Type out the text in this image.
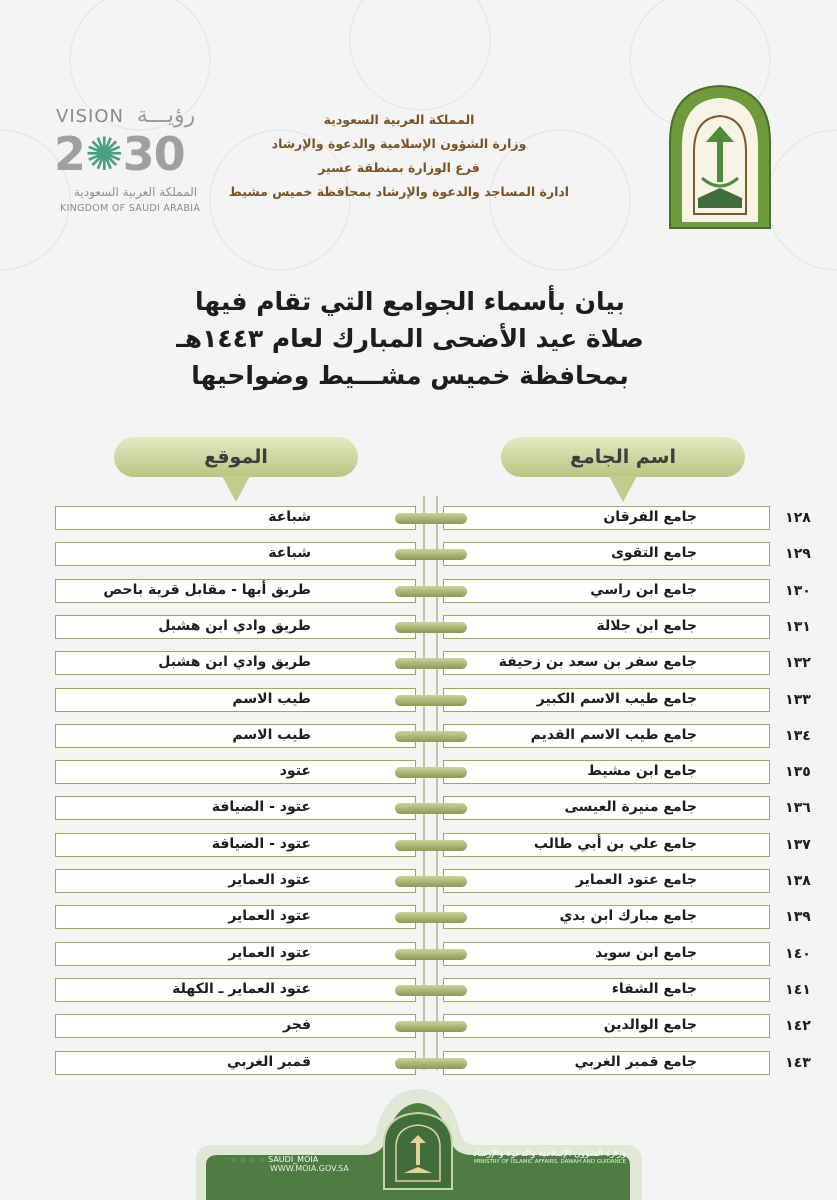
VISION رؤيـــة
2✺30
المملكة العربية السعودية
KINGDOM OF SAUDI ARABIA
المملكة العربية السعودية
وزارة الشؤون الإسلامية والدعوة والإرشاد
فرع الوزارة بمنطقة عسير
ادارة المساجد والدعوة والإرشاد بمحافظة خميس مشيط
بيان بأسماء الجوامع التي تقام فيها
صلاة عيد الأضحى المبارك لعام ١٤٤٣هـ
بمحافظة خميس مشـــيط وضواحيها
اسم الجامع
الموقع
شباعة	جامع الفرقان	١٢٨
شباعة	جامع التقوى	١٢٩
طريق أبها - مقابل قرية باحص	جامع ابن راسي	١٣٠
طريق وادي ابن هشبل	جامع ابن جلالة	١٣١
طريق وادي ابن هشبل	جامع سفر بن سعد بن زحيفة	١٣٢
طيب الاسم	جامع طيب الاسم الكبير	١٣٣
طيب الاسم	جامع طيب الاسم القديم	١٣٤
عتود	جامع ابن مشيط	١٣٥
عتود - الضيافة	جامع منيرة العيسى	١٣٦
عتود - الضيافة	جامع علي بن أبي طالب	١٣٧
عتود العماير	جامع عتود العماير	١٣٨
عتود العماير	جامع مبارك ابن بدي	١٣٩
عتود العماير	جامع ابن سويد	١٤٠
عتود العماير ـ الكهلة	جامع الشفاء	١٤١
فجر	جامع الوالدين	١٤٢
قمبر الغربي	جامع قمبر الغربي	١٤٣
◉ ◉ ◉ ◉ SAUDI_MOIA
WWW.MOIA.GOV.SA
وزارة الشؤون الإسلامية والدعوة والإرشاد
MINISTRY OF ISLAMIC AFFAIRS, DAWAH AND GUIDANCE
